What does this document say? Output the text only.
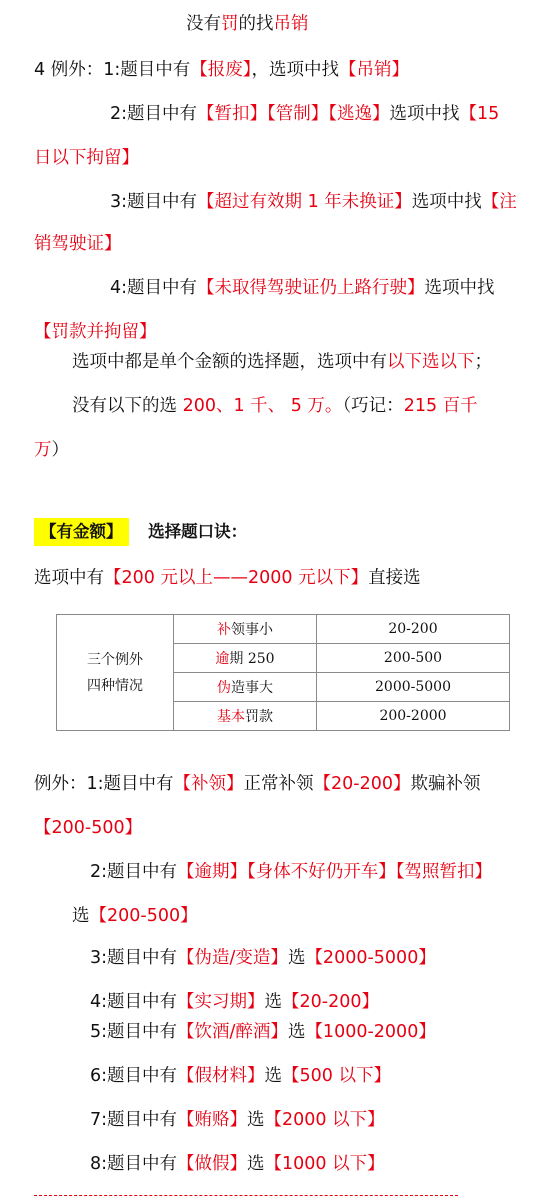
没有罚的找吊销
4 例外：1:题目中有【报废】，选项中找【吊销】
2:题目中有【暂扣】【管制】【逃逸】选项中找【15
日以下拘留】
3:题目中有【超过有效期 1 年未换证】选项中找【注
销驾驶证】
4:题目中有【未取得驾驶证仍上路行驶】选项中找
【罚款并拘留】
选项中都是单个金额的选择题，选项中有以下选以下；
没有以下的选 200、1 千、 5 万。（巧记：215 百千
万）
【有金额】 选择题口诀：
选项中有【200 元以上——2000 元以下】直接选
三个例外
四种情况	补领事小	20-200
	逾期 250	200-500
	伪造事大	2000-5000
	基本罚款	200-2000
例外：1:题目中有【补领】正常补领【20-200】欺骗补领
【200-500】
2:题目中有【逾期】【身体不好仍开车】【驾照暂扣】
选【200-500】
3:题目中有【伪造/变造】选【2000-5000】
4:题目中有【实习期】选【20-200】
5:题目中有【饮酒/醉酒】选【1000-2000】
6:题目中有【假材料】选【500 以下】
7:题目中有【贿赂】选【2000 以下】
8:题目中有【做假】选【1000 以下】
